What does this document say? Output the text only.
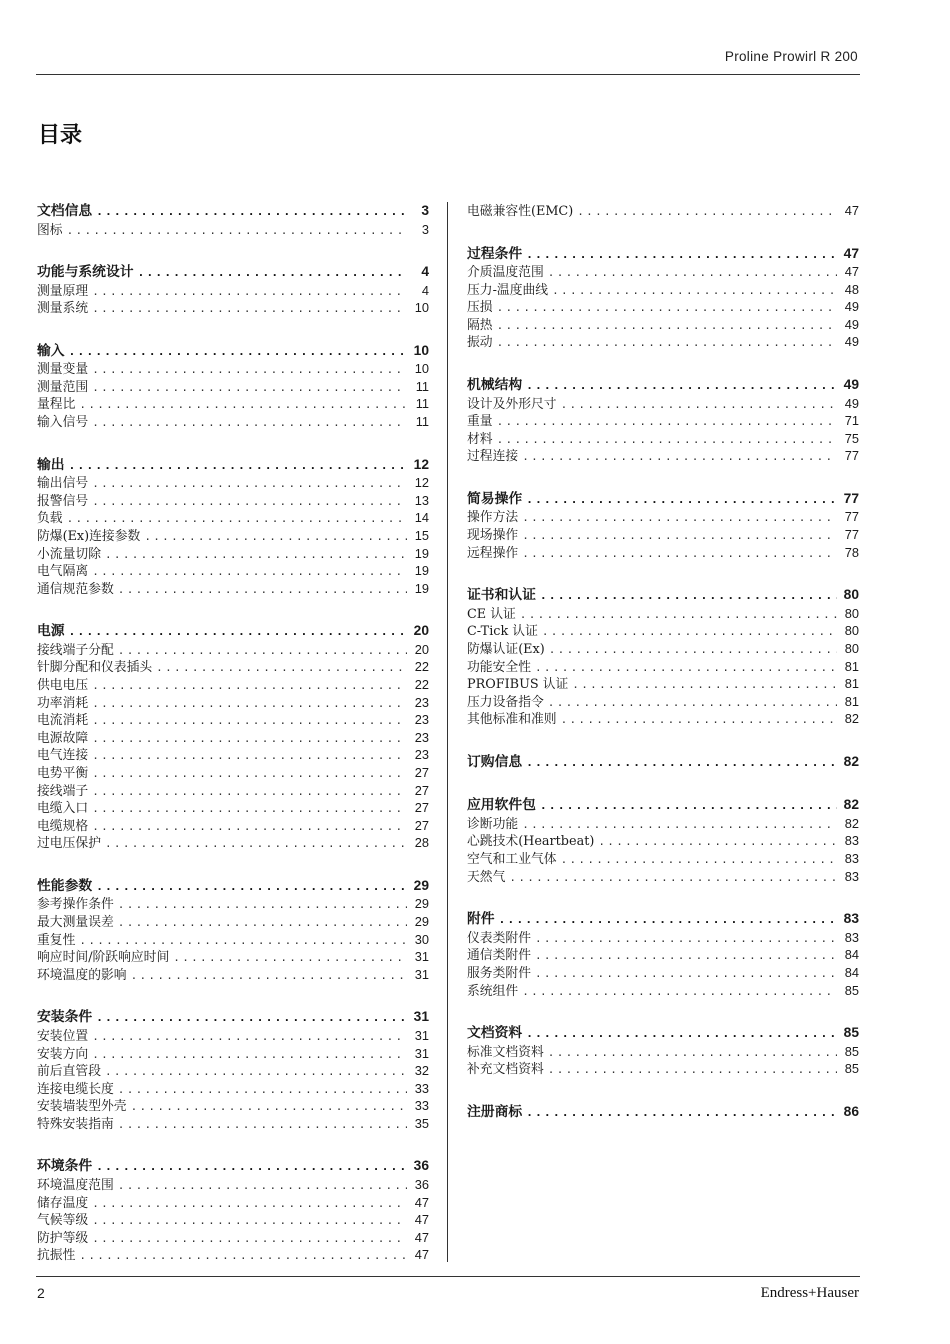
Proline Prowirl R 200
目录
文档信息 .....	3
图标 .....	3
功能与系统设计 .....	4
测量原理 .....	4
测量系统 .....	10
输入 .....	10
测量变量 .....	10
测量范围 .....	11
量程比 .....	11
输入信号 .....	11
输出 .....	12
输出信号 .....	12
报警信号 .....	13
负载 .....	14
防爆(Ex)连接参数 .....	15
小流量切除 .....	19
电气隔离 .....	19
通信规范参数 .....	19
电源 .....	20
接线端子分配 .....	20
针脚分配和仪表插头 .....	22
供电电压 .....	22
功率消耗 .....	23
电流消耗 .....	23
电源故障 .....	23
电气连接 .....	23
电势平衡 .....	27
接线端子 .....	27
电缆入口 .....	27
电缆规格 .....	27
过电压保护 .....	28
性能参数 .....	29
参考操作条件 .....	29
最大测量误差 .....	29
重复性 .....	30
响应时间/阶跃响应时间 .....	31
环境温度的影响 .....	31
安装条件 .....	31
安装位置 .....	31
安装方向 .....	31
前后直管段 .....	32
连接电缆长度 .....	33
安装墙装型外壳 .....	33
特殊安装指南 .....	35
环境条件 .....	36
环境温度范围 .....	36
储存温度 .....	47
气候等级 .....	47
防护等级 .....	47
抗振性 .....	47
电磁兼容性(EMC) .....	47
过程条件 .....	47
介质温度范围 .....	47
压力-温度曲线 .....	48
压损 .....	49
隔热 .....	49
振动 .....	49
机械结构 .....	49
设计及外形尺寸 .....	49
重量 .....	71
材料 .....	75
过程连接 .....	77
简易操作 .....	77
操作方法 .....	77
现场操作 .....	77
远程操作 .....	78
证书和认证 .....	80
CE 认证 .....	80
C-Tick 认证 .....	80
防爆认证(Ex) .....	80
功能安全性 .....	81
PROFIBUS 认证 .....	81
压力设备指令 .....	81
其他标准和准则 .....	82
订购信息 .....	82
应用软件包 .....	82
诊断功能 .....	82
心跳技术(Heartbeat) .....	83
空气和工业气体 .....	83
天然气 .....	83
附件 .....	83
仪表类附件 .....	83
通信类附件 .....	84
服务类附件 .....	84
系统组件 .....	85
文档资料 .....	85
标准文档资料 .....	85
补充文档资料 .....	85
注册商标 .....	86
2	Endress+Hauser
